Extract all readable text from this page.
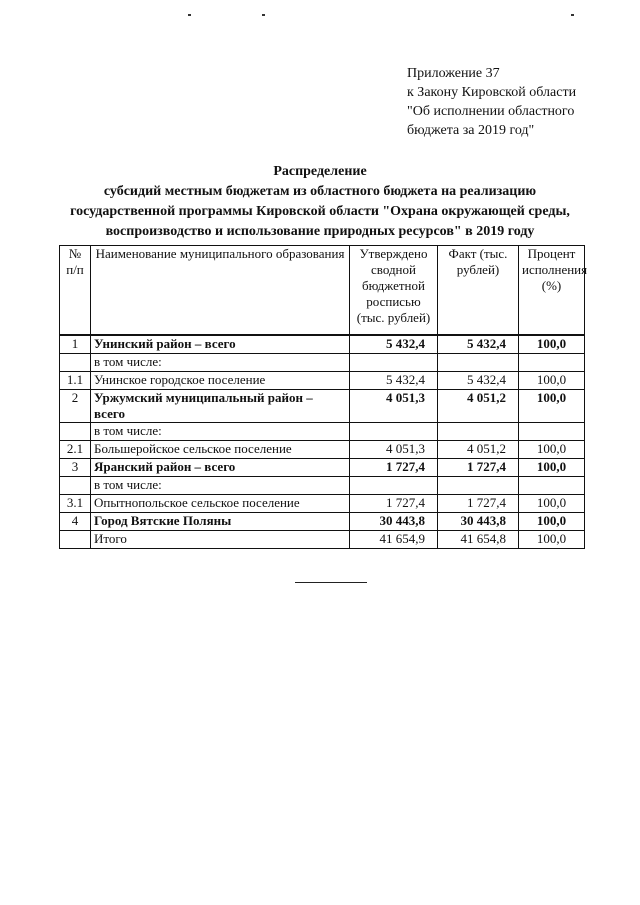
Приложение 37
к Закону Кировской области
"Об исполнении областного
бюджета за 2019 год"
Распределение
субсидий местным бюджетам из областного бюджета на реализацию
государственной программы Кировской области "Охрана окружающей среды,
воспроизводство и использование природных ресурсов" в 2019 году
№ п/п	Наименование муниципального образования	Утверждено сводной бюджетной росписью (тыс. рублей)	Факт (тыс. рублей)	Процент исполнения (%)
1	Унинский район – всего	5 432,4	5 432,4	100,0
	в том числе:			
1.1	Унинское городское поселение	5 432,4	5 432,4	100,0
2	Уржумский муниципальный район – всего	4 051,3	4 051,2	100,0
	в том числе:			
2.1	Большеройское сельское поселение	4 051,3	4 051,2	100,0
3	Яранский район – всего	1 727,4	1 727,4	100,0
	в том числе:			
3.1	Опытнопольское сельское поселение	1 727,4	1 727,4	100,0
4	Город Вятские Поляны	30 443,8	30 443,8	100,0
	Итого	41 654,9	41 654,8	100,0
